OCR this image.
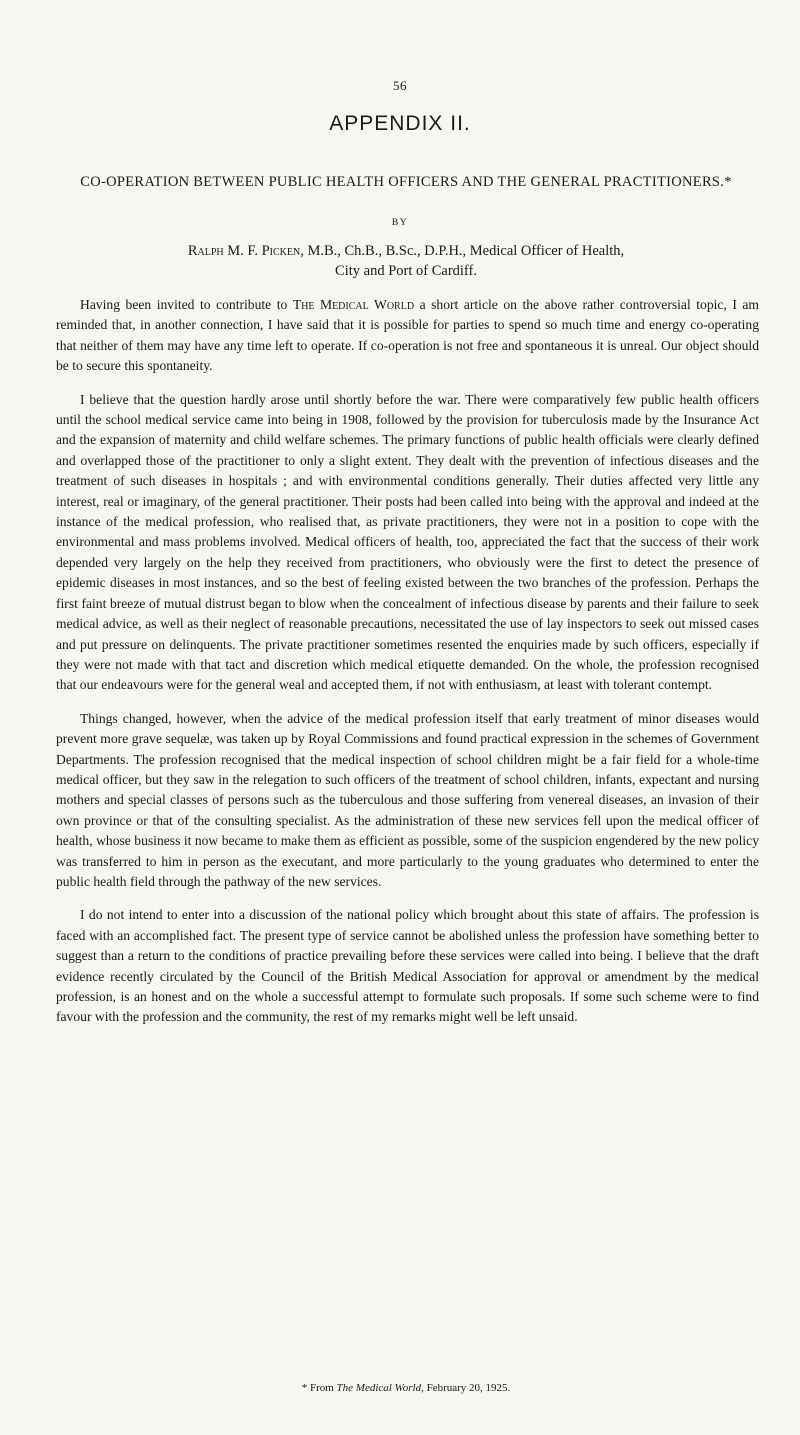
56
APPENDIX II.
CO-OPERATION BETWEEN PUBLIC HEALTH OFFICERS AND THE GENERAL PRACTITIONERS.*
BY
Ralph M. F. Picken, M.B., Ch.B., B.Sc., D.P.H., Medical Officer of Health,
City and Port of Cardiff.

Having been invited to contribute to The Medical World a short article on the above rather controversial topic, I am reminded that, in another connection, I have said that it is possible for parties to spend so much time and energy co-operating that neither of them may have any time left to operate. If co-operation is not free and spontaneous it is unreal. Our object should be to secure this spontaneity.

I believe that the question hardly arose until shortly before the war. There were comparatively few public health officers until the school medical service came into being in 1908, followed by the provision for tuberculosis made by the Insurance Act and the expansion of maternity and child welfare schemes. The primary functions of public health officials were clearly defined and overlapped those of the practitioner to only a slight extent. They dealt with the prevention of infectious diseases and the treatment of such diseases in hospitals ; and with environmental conditions generally. Their duties affected very little any interest, real or imaginary, of the general practitioner. Their posts had been called into being with the approval and indeed at the instance of the medical profession, who realised that, as private practitioners, they were not in a position to cope with the environmental and mass problems involved. Medical officers of health, too, appreciated the fact that the success of their work depended very largely on the help they received from practitioners, who obviously were the first to detect the presence of epidemic diseases in most instances, and so the best of feeling existed between the two branches of the profession. Perhaps the first faint breeze of mutual distrust began to blow when the concealment of infectious disease by parents and their failure to seek medical advice, as well as their neglect of reasonable precautions, necessitated the use of lay inspectors to seek out missed cases and put pressure on delinquents. The private practitioner sometimes resented the enquiries made by such officers, especially if they were not made with that tact and discretion which medical etiquette demanded. On the whole, the profession recognised that our endeavours were for the general weal and accepted them, if not with enthusiasm, at least with tolerant contempt.

Things changed, however, when the advice of the medical profession itself that early treatment of minor diseases would prevent more grave sequelæ, was taken up by Royal Commissions and found practical expression in the schemes of Government Departments. The profession recognised that the medical inspection of school children might be a fair field for a whole-time medical officer, but they saw in the relegation to such officers of the treatment of school children, infants, expectant and nursing mothers and special classes of persons such as the tuberculous and those suffering from venereal diseases, an invasion of their own province or that of the consulting specialist. As the administration of these new services fell upon the medical officer of health, whose business it now became to make them as efficient as possible, some of the suspicion engendered by the new policy was transferred to him in person as the executant, and more particularly to the young graduates who determined to enter the public health field through the pathway of the new services.

I do not intend to enter into a discussion of the national policy which brought about this state of affairs. The profession is faced with an accomplished fact. The present type of service cannot be abolished unless the profession have something better to suggest than a return to the conditions of practice prevailing before these services were called into being. I believe that the draft evidence recently circulated by the Council of the British Medical Association for approval or amendment by the medical profession, is an honest and on the whole a successful attempt to formulate such proposals. If some such scheme were to find favour with the profession and the community, the rest of my remarks might well be left unsaid.

* From The Medical World, February 20, 1925.
